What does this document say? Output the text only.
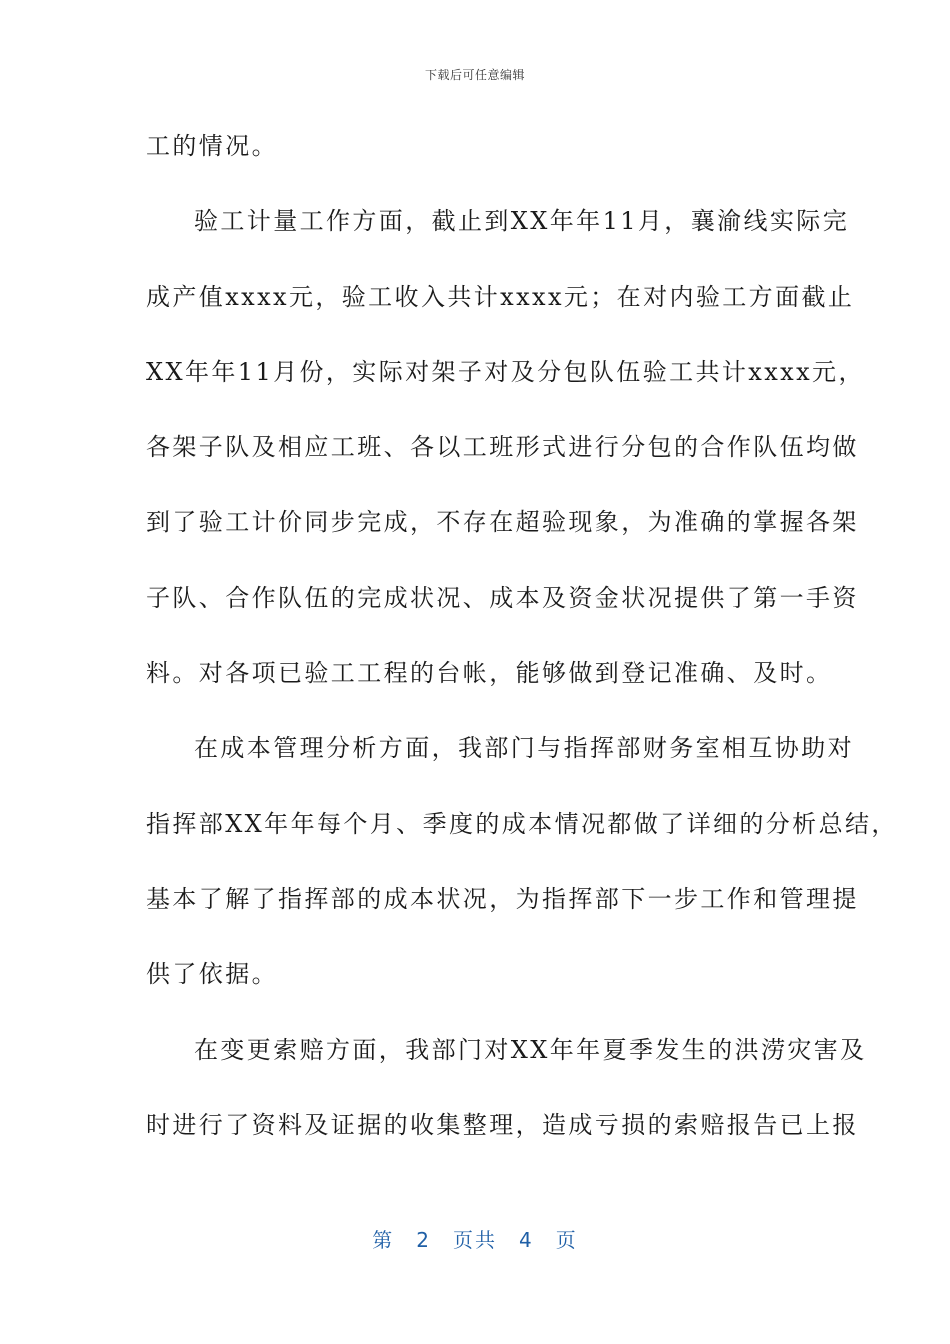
下载后可任意编辑
工的情况。
验工计量工作方面，截止到XX年年11月，襄渝线实际完
成产值xxxx元，验工收入共计xxxx元；在对内验工方面截止
XX年年11月份，实际对架子对及分包队伍验工共计xxxx元，
各架子队及相应工班、各以工班形式进行分包的合作队伍均做
到了验工计价同步完成，不存在超验现象，为准确的掌握各架
子队、合作队伍的完成状况、成本及资金状况提供了第一手资
料。对各项已验工工程的台帐，能够做到登记准确、及时。
在成本管理分析方面，我部门与指挥部财务室相互协助对
指挥部XX年年每个月、季度的成本情况都做了详细的分析总结，
基本了解了指挥部的成本状况，为指挥部下一步工作和管理提
供了依据。
在变更索赔方面，我部门对XX年年夏季发生的洪涝灾害及
时进行了资料及证据的收集整理，造成亏损的索赔报告已上报
第 2 页共 4 页
